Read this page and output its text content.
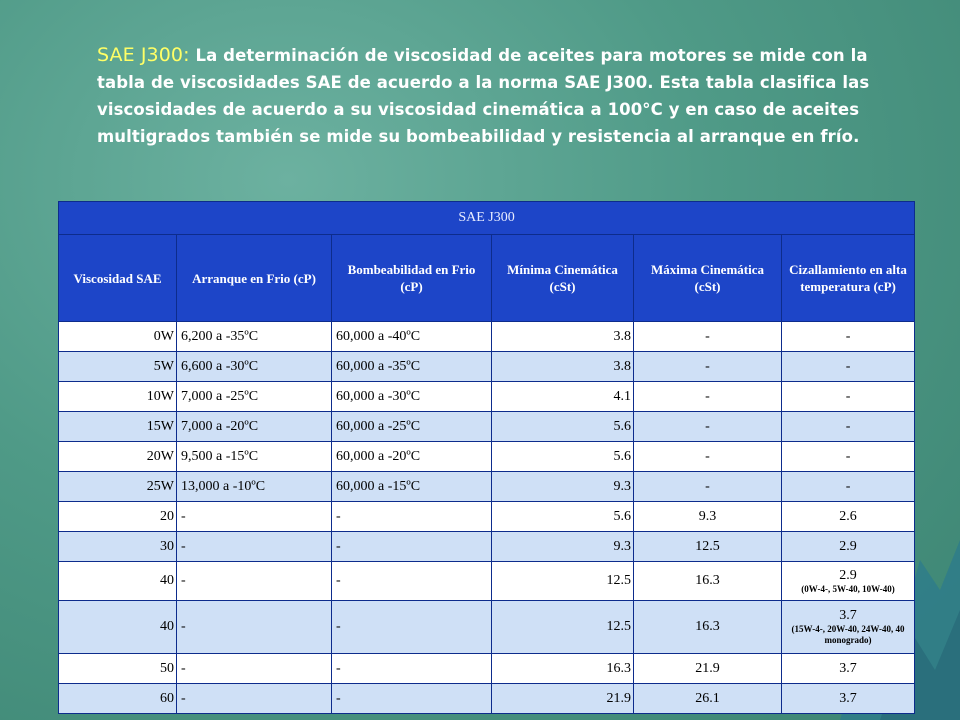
SAE J300: La determinación de viscosidad de aceites para motores se mide con la tabla de viscosidades SAE de acuerdo a la norma SAE J300. Esta tabla clasifica las viscosidades de acuerdo a su viscosidad cinemática a 100°C y en caso de aceites multigrados también se mide su bombeabilidad y resistencia al arranque en frío.
SAE J300					
Viscosidad SAE	Arranque en Frio (cP)	Bombeabilidad en Frio (cP)	Mínima Cinemática (cSt)	Máxima Cinemática (cSt)	Cizallamiento en alta temperatura (cP)
0W	6,200 a -35ºC	60,000 a -40ºC	3.8	-	-
5W	6,600 a -30ºC	60,000 a -35ºC	3.8	-	-
10W	7,000 a -25ºC	60,000 a -30ºC	4.1	-	-
15W	7,000 a -20ºC	60,000 a -25ºC	5.6	-	-
20W	9,500 a -15ºC	60,000 a -20ºC	5.6	-	-
25W	13,000 a -10ºC	60,000 a -15ºC	9.3	-	-
20	-	-	5.6	9.3	2.6
30	-	-	9.3	12.5	2.9
40	-	-	12.5	16.3	2.9
(0W-4-, 5W-40, 10W-40)

40	-	-	12.5	16.3	3.7
(15W-4-, 20W-40, 24W-40, 40 monogrado)

50	-	-	16.3	21.9	3.7
60	-	-	21.9	26.1	3.7
